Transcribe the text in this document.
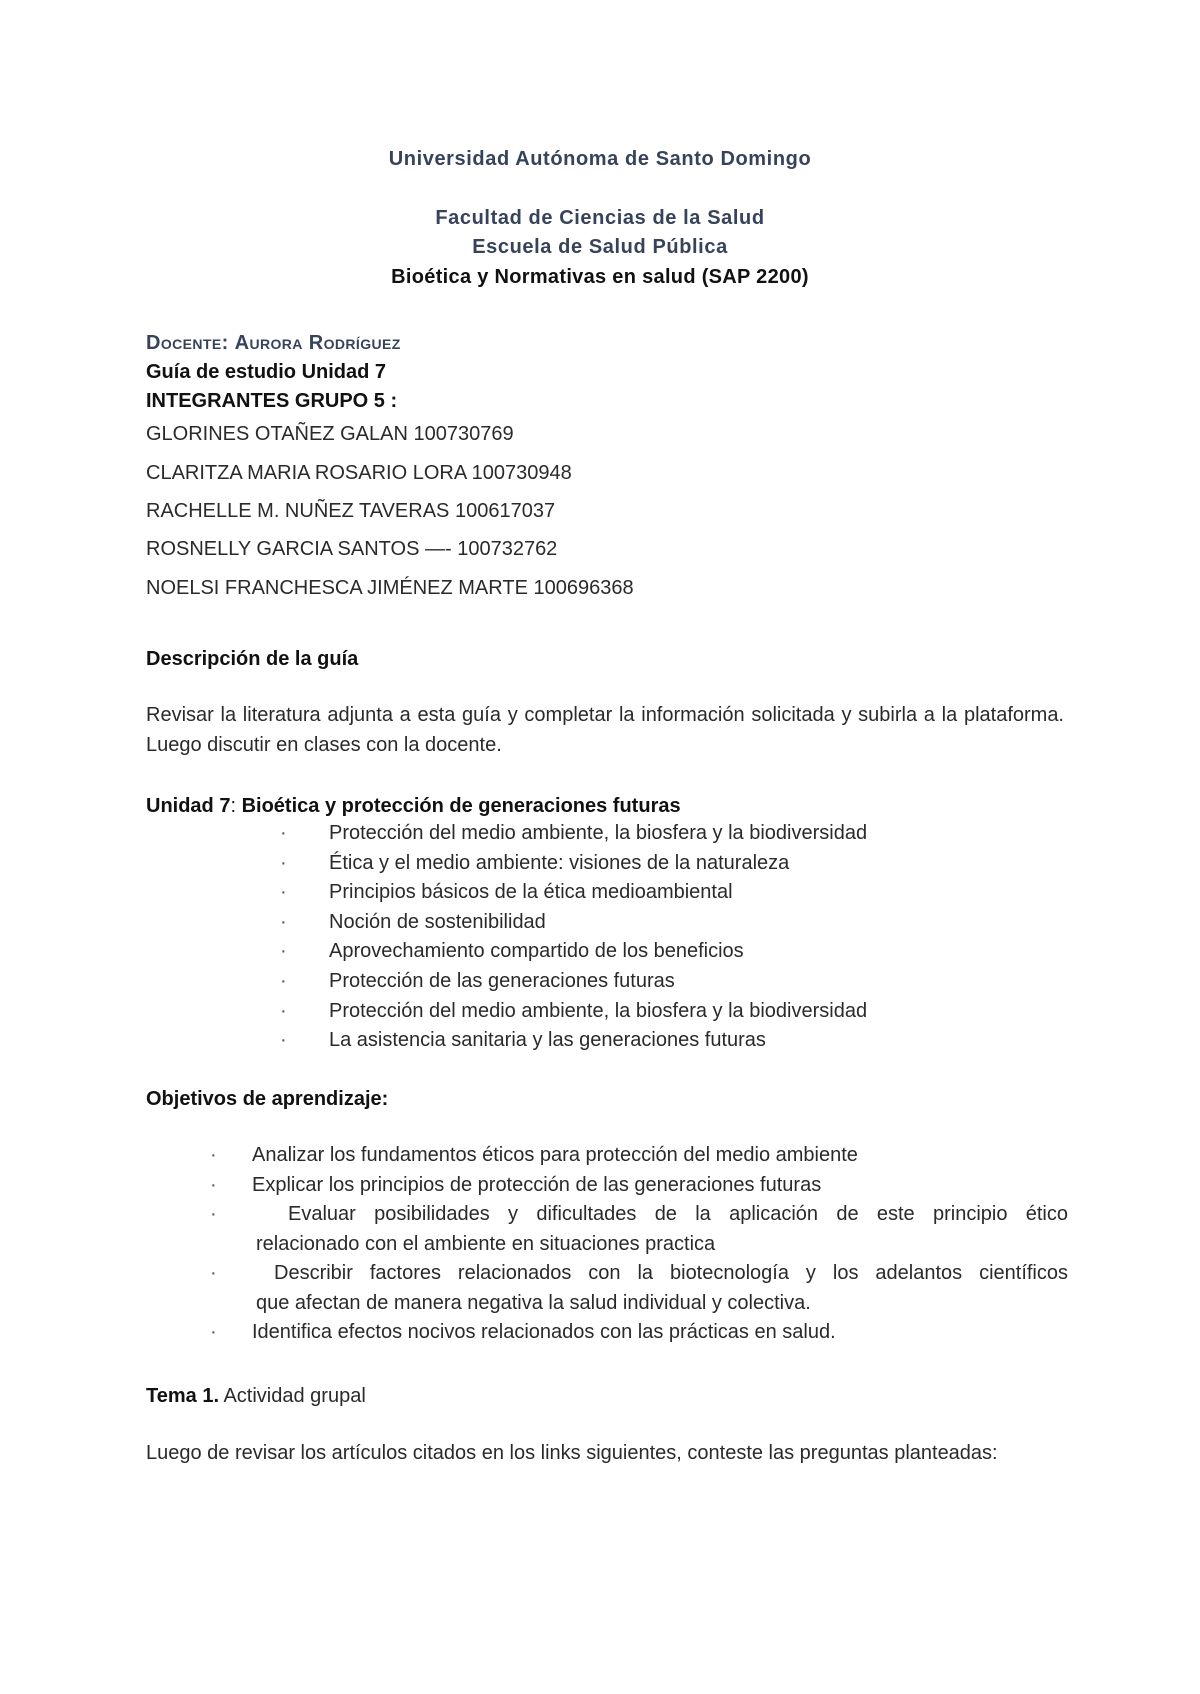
Universidad Autónoma de Santo Domingo
Facultad de Ciencias de la Salud
Escuela de Salud Pública
Bioética y Normativas en salud (SAP 2200)
Docente: Aurora Rodríguez
Guía de estudio Unidad 7
INTEGRANTES GRUPO 5 :
GLORINES OTAÑEZ GALAN 100730769
CLARITZA MARIA ROSARIO LORA 100730948
RACHELLE M. NUÑEZ TAVERAS 100617037
ROSNELLY GARCIA SANTOS —- 100732762
NOELSI FRANCHESCA JIMÉNEZ MARTE 100696368
Descripción de la guía
Revisar la literatura adjunta a esta guía y completar la información solicitada y subirla a la plataforma. Luego discutir en clases con la docente.
Unidad 7: Bioética y protección de generaciones futuras
· Protección del medio ambiente, la biosfera y la biodiversidad
· Ética y el medio ambiente: visiones de la naturaleza
· Principios básicos de la ética medioambiental
· Noción de sostenibilidad
· Aprovechamiento compartido de los beneficios
· Protección de las generaciones futuras
· Protección del medio ambiente, la biosfera y la biodiversidad
· La asistencia sanitaria y las generaciones futuras
Objetivos de aprendizaje:
· Analizar los fundamentos éticos para protección del medio ambiente
· Explicar los principios de protección de las generaciones futuras
·	Evaluar posibilidades y dificultades de la aplicación de este principio ético
relacionado con el ambiente en situaciones practica
·	Describir factores relacionados con la biotecnología y los adelantos científicos
que afectan de manera negativa la salud individual y colectiva.
· Identifica efectos nocivos relacionados con las prácticas en salud.
Tema 1. Actividad grupal
Luego de revisar los artículos citados en los links siguientes, conteste las preguntas planteadas:
